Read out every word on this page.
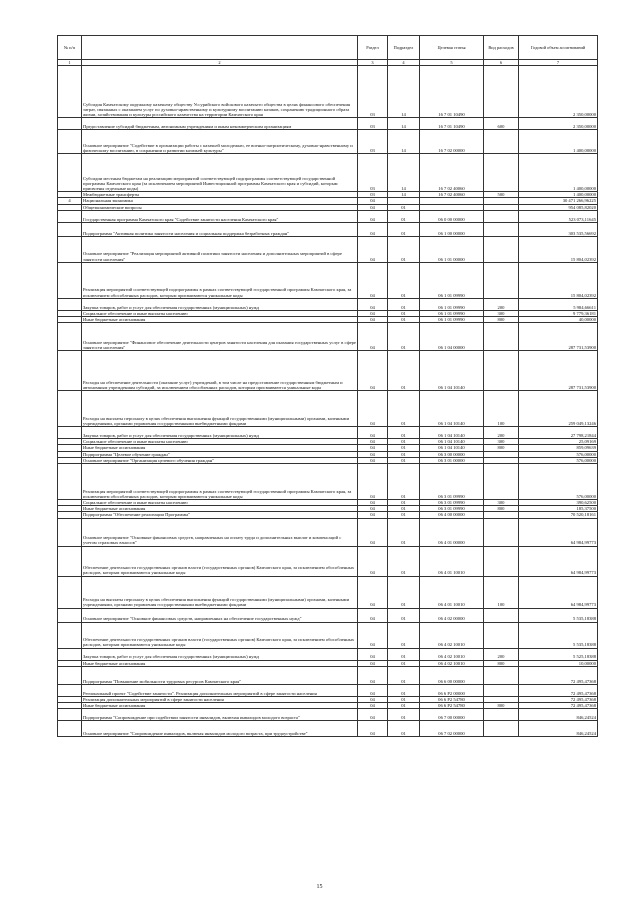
№ п/п		Раздел	Подраздел	Целевая статья	Вид расходов	Годовой объем ассигнований
1	2	3	4	5	6	7
	Субсидия Камчатскому окружному казачьему обществу Уссурийского войскового казачьего общества в целях финансового обеспечения затрат, связанных с оказанием услуг по духовно-нравственному и культурному воспитанию казаков, сохранению традиционного образа жизни, хозяйствования и культуры российского казачества на территории Камчатского края	03	14	16 7 01 10490		2 350,00000
	Предоставление субсидий бюджетным, автономным учреждениям и иным некоммерческим организациям	03	14	16 7 01 10490	600	2 350,00000
	Основное мероприятие "Содействие в организации работы с казачьей молодежью, ее военно-патриотическому, духовно-нравственному и физическому воспитанию, в сохранении и развитии казачьей культуры"	03	14	16 7 02 00000		1 400,00000
	Субсидии местным бюджетам на реализацию мероприятий соответствующей подпрограммы соответствующей государственной программы Камчатского края (за исключением мероприятий Инвестиционной программы Камчатского края и субсидий, которым присвоены отдельные коды)	03	14	16 7 02 40060		1 400,00000
	Межбюджетные трансферты	03	14	16 7 02 40060	500	1 400,00000
4	Национальная экономика	04				30 471 266,96225
	Общеэкономические вопросы	04	01			954 085,82020
	Государственная программа Камчатского края "Содействие занятости населения Камчатского края"	04	01	06 0 00 00000		523 073,11645
	Подпрограмма "Активная политика занятости населения и социальная поддержка безработных граждан"	04	01	06 1 00 00000		303 535,56692
	Основное мероприятие "Реализация мероприятий активной политики занятости населения и дополнительных мероприятий в сфере занятости населения"	04	01	06 1 01 00000		15 804,02392
	Реализация мероприятий соответствующей подпрограммы в рамках соответствующей государственной программы Камчатского края, за исключением обособленных расходов, которым присваиваются уникальные коды	04	01	06 1 01 09990		15 804,02392
	Закупка товаров, работ и услуг для обеспечения государственных (муниципальных) нужд	04	01	06 1 01 09990	200	5 984,66611
	Социальное обеспечение и иные выплаты населению	04	01	06 1 01 09990	300	9 779,36181
	Иные бюджетные ассигнования	04	01	06 1 01 09990	800	40,00000
	Основное мероприятие "Финансовое обеспечение деятельности центров занятости населения для оказания государственных услуг в сфере занятости населения"	04	01	06 1 04 00000		287 731,53900
	Расходы на обеспечение деятельности (оказание услуг) учреждений, в том числе на предоставление государственным бюджетным и автономным учреждениям субсидий, за исключением обособленных расходов, которым присваиваются уникальные коды	04	01	06 1 04 10140		287 731,53900
	Расходы на выплаты персоналу в целях обеспечения выполнения функций государственными (муниципальными) органами, казенными учреждениями, органами управления государственными внебюджетными фондами	04	01	06 1 04 10140	100	259 049,13246
	Закупка товаров, работ и услуг для обеспечения государственных (муниципальных) нужд	04	01	06 1 04 10140	200	27 798,21844
	Социальное обеспечение и иные выплаты населению	04	01	06 1 04 10140	300	25,09169
	Иные бюджетные ассигнования	04	01	06 1 04 10140	800	859,09639
	Подпрограмма "Целевое обучение граждан"	04	01	06 3 00 00000		576,00000
	Основное мероприятие "Организация целевого обучения граждан"	04	01	06 3 01 00000		576,00000
	Реализация мероприятий соответствующей подпрограммы в рамках соответствующей государственной программы Камчатского края, за исключением обособленных расходов, которым присваиваются уникальные коды	04	01	06 3 01 09990		576,00000
	Социальное обеспечение и иные выплаты населению	04	01	06 3 01 09990	300	390,62500
	Иные бюджетные ассигнования	04	01	06 3 01 09990	800	185,37500
	Подпрограмма "Обеспечение реализации Программы"	04	01	06 4 00 00000		70 520,18161
	Основное мероприятие "Основные финансовых средств, направленных на оплату труда и дополнительных выплат и компенсаций с учетом страховых взносов"	04	01	06 4 01 00000		64 984,99773
	Обеспечение деятельности государственных органов власти (государственных органов) Камчатского края, за исключением обособленных расходов, которым присваиваются уникальные коды	04	01	06 4 01 10010		64 984,99773
	Расходы на выплаты персоналу в целях обеспечения выполнения функций государственными (муниципальными) органами, казенными учреждениями, органами управления государственными внебюджетными фондами	04	01	06 4 01 10010	100	64 984,99773
	Основное мероприятие "Основное финансовых средств, направленных на обеспечение государственных нужд"	04	01	06 4 02 00000		5 535,18388
	Обеспечение деятельности государственных органов власти (государственных органов) Камчатского края, за исключением обособленных расходов, которым присваиваются уникальные коды	04	01	06 4 02 10010		5 535,18388
	Закупка товаров, работ и услуг для обеспечения государственных (муниципальных) нужд	04	01	06 4 02 10010	200	5 525,18388
	Иные бюджетные ассигнования	04	01	06 4 02 10010	800	10,00000
	Подпрограмма "Повышение мобильности трудовых ресурсов Камчатского края"	04	01	06 6 00 00000		72 495,47368
	Региональный проект "Содействие занятости". Реализация дополнительных мероприятий в сфере занятости населения	04	01	06 6 P2 00000		72 495,47368
	Реализация дополнительных мероприятий в сфере занятости населения	04	01	06 6 P2 54780		72 495,47368
	Иные бюджетные ассигнования	04	01	06 6 P2 54780	800	72 495,47368
	Подпрограмма "Сопровождение при содействии занятости инвалидов, включая инвалидов молодого возраста"	04	01	06 7 00 00000		846,24524
	Основное мероприятие "Сопровождение инвалидов, включая инвалидов молодого возраста, при трудоустройстве"	04	01	06 7 02 00000		846,24524
15
